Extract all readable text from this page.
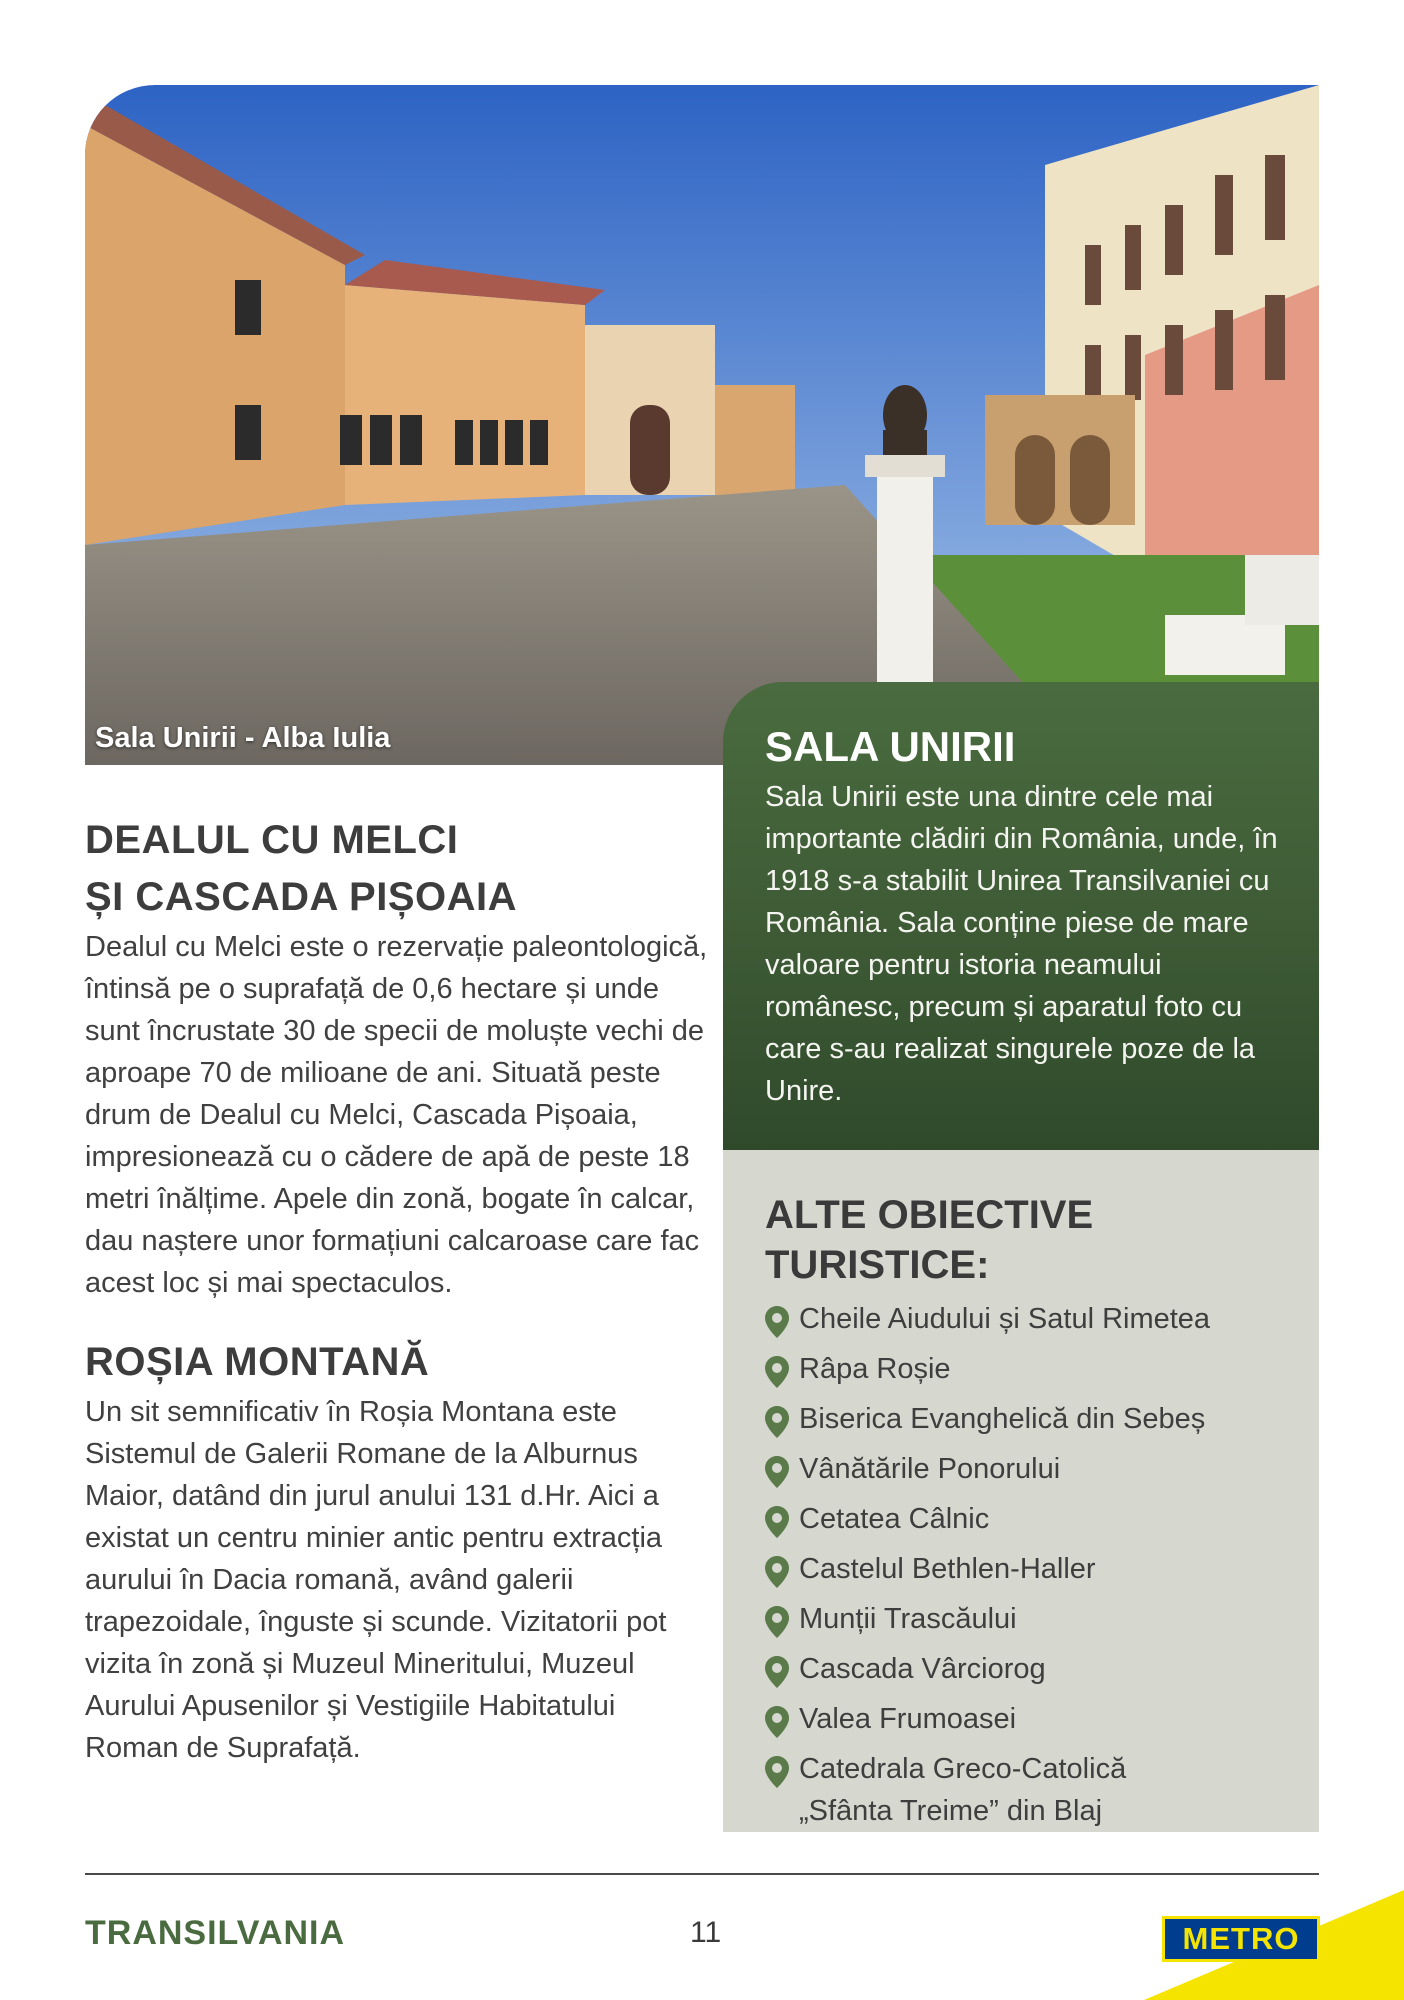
Sala Unirii - Alba Iulia
DEALUL CU MELCI
ȘI CASCADA PIȘOAIA

Dealul cu Melci este o rezervație paleontologică, întinsă pe o suprafață de 0,6 hectare și unde sunt încrustate 30 de specii de moluște vechi de aproape 70 de milioane de ani. Situată peste drum de Dealul cu Melci, Cascada Pișoaia, impresionează cu o cădere de apă de peste 18 metri înălțime. Apele din zonă, bogate în calcar, dau naștere unor formațiuni calcaroase care fac acest loc și mai spectaculos.

ROȘIA MONTANĂ

Un sit semnificativ în Roșia Montana este Sistemul de Galerii Romane de la Alburnus Maior, datând din jurul anului 131 d.Hr. Aici a existat un centru minier antic pentru extracția aurului în Dacia romană, având galerii trapezoidale, înguste și scunde. Vizitatorii pot vizita în zonă și Muzeul Mineritului, Muzeul Aurului Apusenilor și Vestigiile Habitatului Roman de Suprafață.

SALA UNIRII

Sala Unirii este una dintre cele mai importante clădiri din România, unde, în 1918 s-a stabilit Unirea Transilvaniei cu România. Sala conține piese de mare valoare pentru istoria neamului românesc, precum și aparatul foto cu care s-au realizat singurele poze de la Unire.

ALTE OBIECTIVE TURISTICE:
Cheile Aiudului și Satul Rimetea
Râpa Roșie
Biserica Evanghelică din Sebeș
Vânătările Ponorului
Cetatea Câlnic
Castelul Bethlen-Haller
Munții Trascăului
Cascada Vârciorog
Valea Frumoasei
Catedrala Greco-Catolică
„Sfânta Treime” din Blaj
TRANSILVANIA	11	METRO
